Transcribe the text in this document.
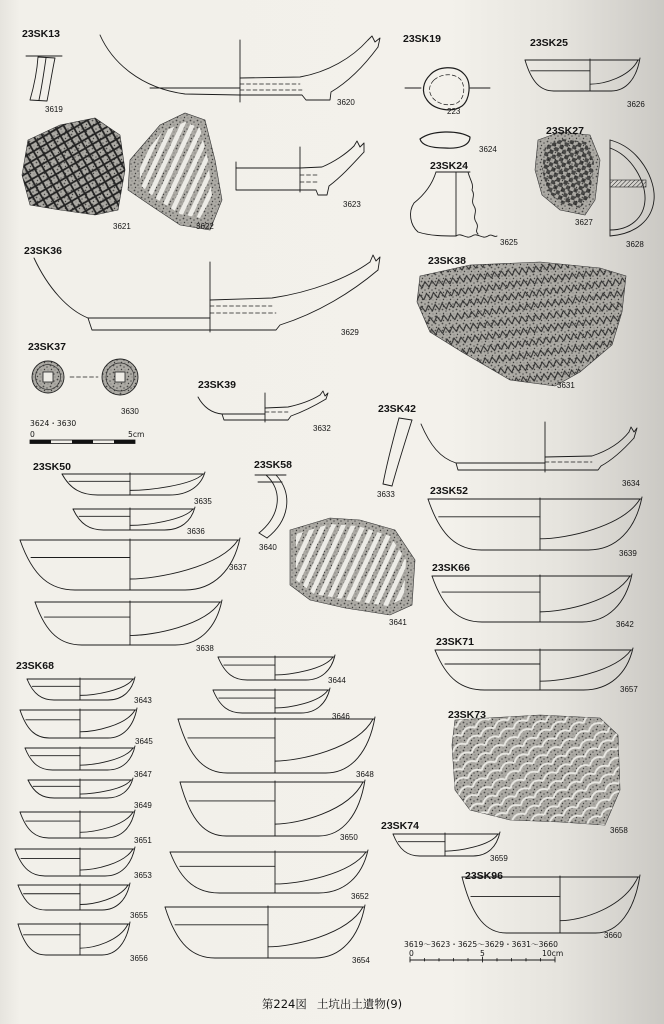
23SK13	23SK19	23SK25
23SK27
23SK24
23SK36
23SK38
23SK37
23SK39
23SK42
23SK50	23SK58
23SK52
23SK66
23SK71
23SK68
23SK73
23SK74
23SK96
3619
3620
3621	3622
3623
223
3624
3625
3626
3627
3628
3629
3630
3631
3632
3633
3634
3635
3636
3637
3638
3639
3640
3641	3642
3643
3644
3645
3646
3647	3648
3649
3650
3651
3652
3653
3654
3655
3656
3657
3658
3659
3660
3624・3630
0	5cm
3619～3623・3625～3629・3631～3660
0	5	10cm
第224図 土坑出土遺物(9)
